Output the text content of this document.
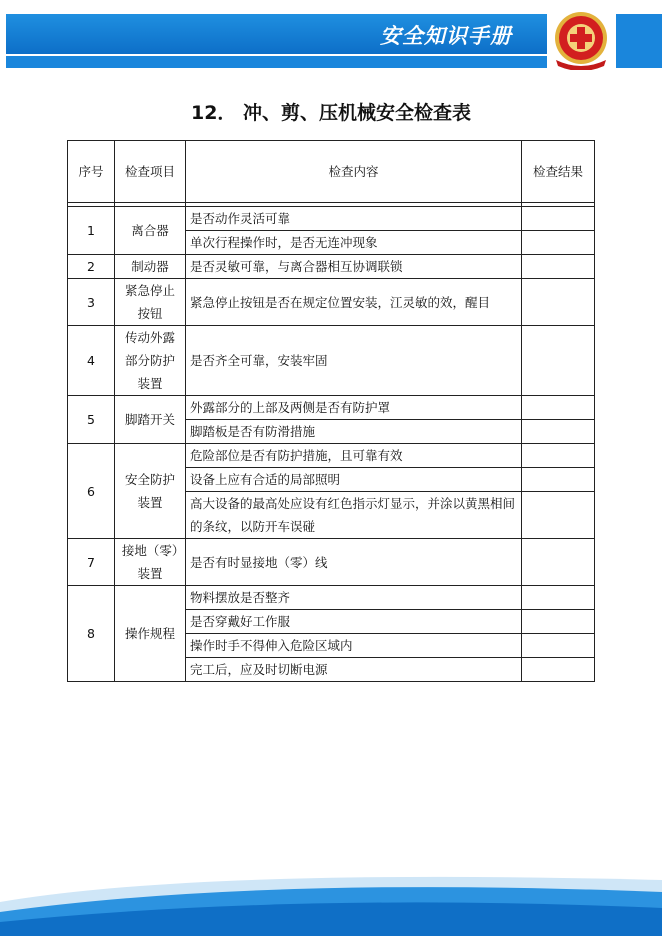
安全知识手册
12． 冲、剪、压机械安全检查表
序号	检查项目	检查内容	检查结果

1	离合器	是否动作灵活可靠	
		单次行程操作时，是否无连冲现象	
2	制动器	是否灵敏可靠，与离合器相互协调联锁	
3	紧急停止按钮	紧急停止按钮是否在规定位置安装，江灵敏的效，醒目	
4	传动外露部分防护装置	是否齐全可靠，安装牢固	
5	脚踏开关	外露部分的上部及两侧是否有防护罩	
		脚踏板是否有防滑措施	
6	安全防护装置	危险部位是否有防护措施，且可靠有效	
		设备上应有合适的局部照明	
		高大设备的最高处应设有红色指示灯显示，并涂以黄黑相间的条纹，以防开车误碰	
7	接地（零）装置	是否有时显接地（零）线	
8	操作规程	物料摆放是否整齐	
		是否穿戴好工作服	
		操作时手不得伸入危险区域内	
		完工后，应及时切断电源	
